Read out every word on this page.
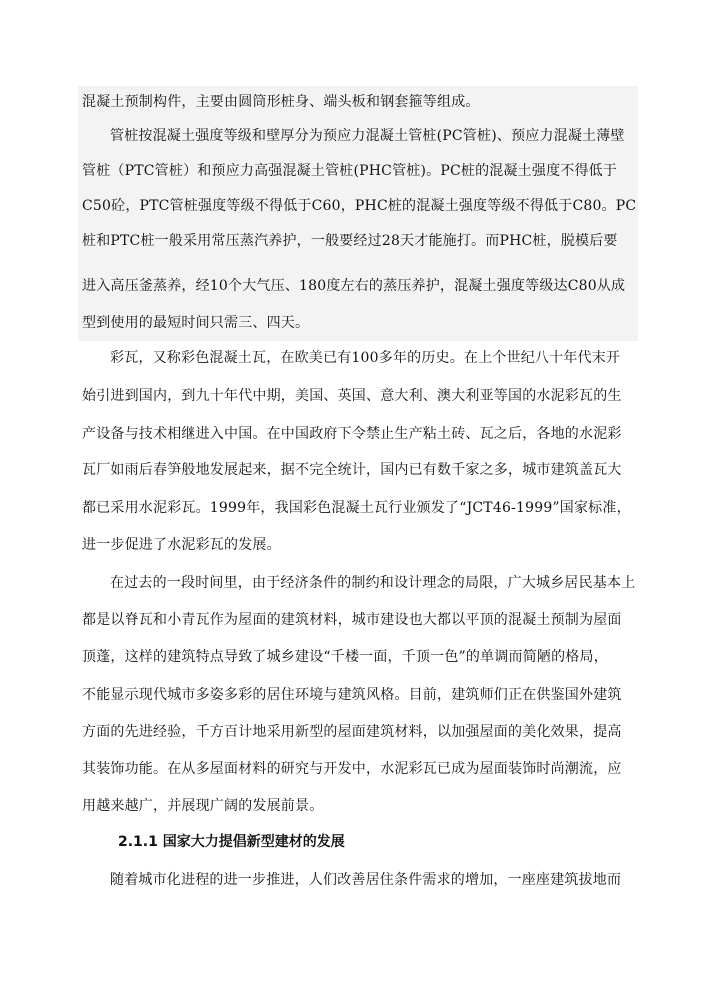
混凝土预制构件，主要由圆筒形桩身、端头板和钢套箍等组成。
管桩按混凝土强度等级和壁厚分为预应力混凝土管桩(PC管桩)、预应力混凝土薄壁
管桩（PTC管桩）和预应力高强混凝土管桩(PHC管桩)。PC桩的混凝土强度不得低于
C50砼，PTC管桩强度等级不得低于C60，PHC桩的混凝土强度等级不得低于C80。PC
桩和PTC桩一般采用常压蒸汽养护，一般要经过28天才能施打。而PHC桩，脱模后要
进入高压釜蒸养，经10个大气压、180度左右的蒸压养护，混凝土强度等级达C80从成
型到使用的最短时间只需三、四天。
彩瓦，又称彩色混凝土瓦，在欧美已有100多年的历史。在上个世纪八十年代末开
始引进到国内，到九十年代中期，美国、英国、意大利、澳大利亚等国的水泥彩瓦的生
产设备与技术相继进入中国。在中国政府下令禁止生产粘土砖、瓦之后，各地的水泥彩
瓦厂如雨后春笋般地发展起来，据不完全统计，国内已有数千家之多，城市建筑盖瓦大
都已采用水泥彩瓦。1999年，我国彩色混凝土瓦行业颁发了“JCT46-1999”国家标准，
进一步促进了水泥彩瓦的发展。
在过去的一段时间里，由于经济条件的制约和设计理念的局限，广大城乡居民基本上
都是以脊瓦和小青瓦作为屋面的建筑材料，城市建设也大都以平顶的混凝土预制为屋面
顶蓬，这样的建筑特点导致了城乡建设“千楼一面，千顶一色”的单调而简陋的格局，
不能显示现代城市多姿多彩的居住环境与建筑风格。目前，建筑师们正在供鉴国外建筑
方面的先进经验，千方百计地采用新型的屋面建筑材料，以加强屋面的美化效果，提高
其装饰功能。在从多屋面材料的研究与开发中，水泥彩瓦已成为屋面装饰时尚潮流，应
用越来越广，并展现广阔的发展前景。
2.1.1 国家大力提倡新型建材的发展
随着城市化进程的进一步推进，人们改善居住条件需求的增加，一座座建筑拔地而
